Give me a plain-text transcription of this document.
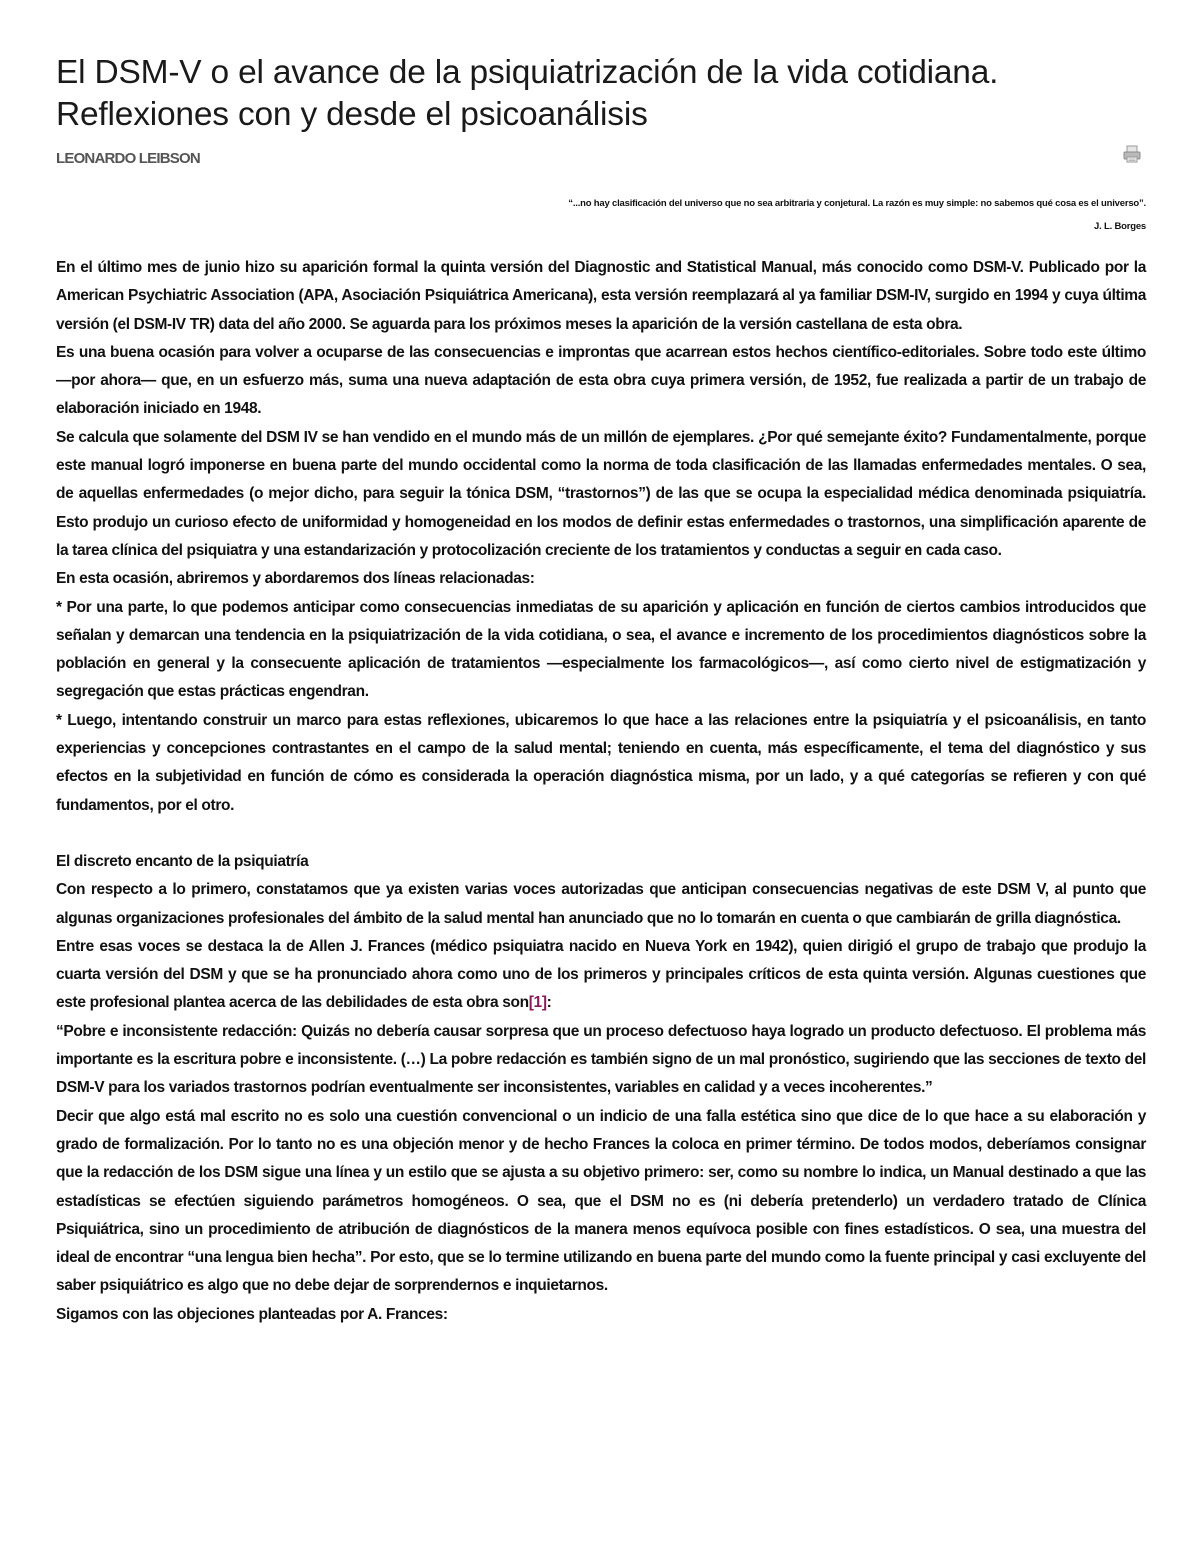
El DSM-V o el avance de la psiquiatrización de la vida cotidiana. Reflexiones con y desde el psicoanálisis
LEONARDO LEIBSON
“...no hay clasificación del universo que no sea arbitraria y conjetural. La razón es muy simple: no sabemos qué cosa es el universo”.
J. L. Borges

En el último mes de junio hizo su aparición formal la quinta versión del Diagnostic and Statistical Manual, más conocido como DSM-V. Publicado por la American Psychiatric Association (APA, Asociación Psiquiátrica Americana), esta versión reemplazará al ya familiar DSM-IV, surgido en 1994 y cuya última versión (el DSM-IV TR) data del año 2000. Se aguarda para los próximos meses la aparición de la versión castellana de esta obra.

Es una buena ocasión para volver a ocuparse de las consecuencias e improntas que acarrean estos hechos científico-editoriales. Sobre todo este último —por ahora— que, en un esfuerzo más, suma una nueva adaptación de esta obra cuya primera versión, de 1952, fue realizada a partir de un trabajo de elaboración iniciado en 1948.

Se calcula que solamente del DSM IV se han vendido en el mundo más de un millón de ejemplares. ¿Por qué semejante éxito? Fundamentalmente, porque este manual logró imponerse en buena parte del mundo occidental como la norma de toda clasificación de las llamadas enfermedades mentales. O sea, de aquellas enfermedades (o mejor dicho, para seguir la tónica DSM, “trastornos”) de las que se ocupa la especialidad médica denominada psiquiatría. Esto produjo un curioso efecto de uniformidad y homogeneidad en los modos de definir estas enfermedades o trastornos, una simplificación aparente de la tarea clínica del psiquiatra y una estandarización y protocolización creciente de los tratamientos y conductas a seguir en cada caso.

En esta ocasión, abriremos y abordaremos dos líneas relacionadas:

* Por una parte, lo que podemos anticipar como consecuencias inmediatas de su aparición y aplicación en función de ciertos cambios introducidos que señalan y demarcan una tendencia en la psiquiatrización de la vida cotidiana, o sea, el avance e incremento de los procedimientos diagnósticos sobre la población en general y la consecuente aplicación de tratamientos —especialmente los farmacológicos—, así como cierto nivel de estigmatización y segregación que estas prácticas engendran.

* Luego, intentando construir un marco para estas reflexiones, ubicaremos lo que hace a las relaciones entre la psiquiatría y el psicoanálisis, en tanto experiencias y concepciones contrastantes en el campo de la salud mental; teniendo en cuenta, más específicamente, el tema del diagnóstico y sus efectos en la subjetividad en función de cómo es considerada la operación diagnóstica misma, por un lado, y a qué categorías se refieren y con qué fundamentos, por el otro.

El discreto encanto de la psiquiatría

Con respecto a lo primero, constatamos que ya existen varias voces autorizadas que anticipan consecuencias negativas de este DSM V, al punto que algunas organizaciones profesionales del ámbito de la salud mental han anunciado que no lo tomarán en cuenta o que cambiarán de grilla diagnóstica.

Entre esas voces se destaca la de Allen J. Frances (médico psiquiatra nacido en Nueva York en 1942), quien dirigió el grupo de trabajo que produjo la cuarta versión del DSM y que se ha pronunciado ahora como uno de los primeros y principales críticos de esta quinta versión. Algunas cuestiones que este profesional plantea acerca de las debilidades de esta obra son[1]:

“Pobre e inconsistente redacción: Quizás no debería causar sorpresa que un proceso defectuoso haya logrado un producto defectuoso. El problema más importante es la escritura pobre e inconsistente. (…) La pobre redacción es también signo de un mal pronóstico, sugiriendo que las secciones de texto del DSM-V para los variados trastornos podrían eventualmente ser inconsistentes, variables en calidad y a veces incoherentes.”

Decir que algo está mal escrito no es solo una cuestión convencional o un indicio de una falla estética sino que dice de lo que hace a su elaboración y grado de formalización. Por lo tanto no es una objeción menor y de hecho Frances la coloca en primer término. De todos modos, deberíamos consignar que la redacción de los DSM sigue una línea y un estilo que se ajusta a su objetivo primero: ser, como su nombre lo indica, un Manual destinado a que las estadísticas se efectúen siguiendo parámetros homogéneos. O sea, que el DSM no es (ni debería pretenderlo) un verdadero tratado de Clínica Psiquiátrica, sino un procedimiento de atribución de diagnósticos de la manera menos equívoca posible con fines estadísticos. O sea, una muestra del ideal de encontrar “una lengua bien hecha”. Por esto, que se lo termine utilizando en buena parte del mundo como la fuente principal y casi excluyente del saber psiquiátrico es algo que no debe dejar de sorprendernos e inquietarnos.

Sigamos con las objeciones planteadas por A. Frances:
